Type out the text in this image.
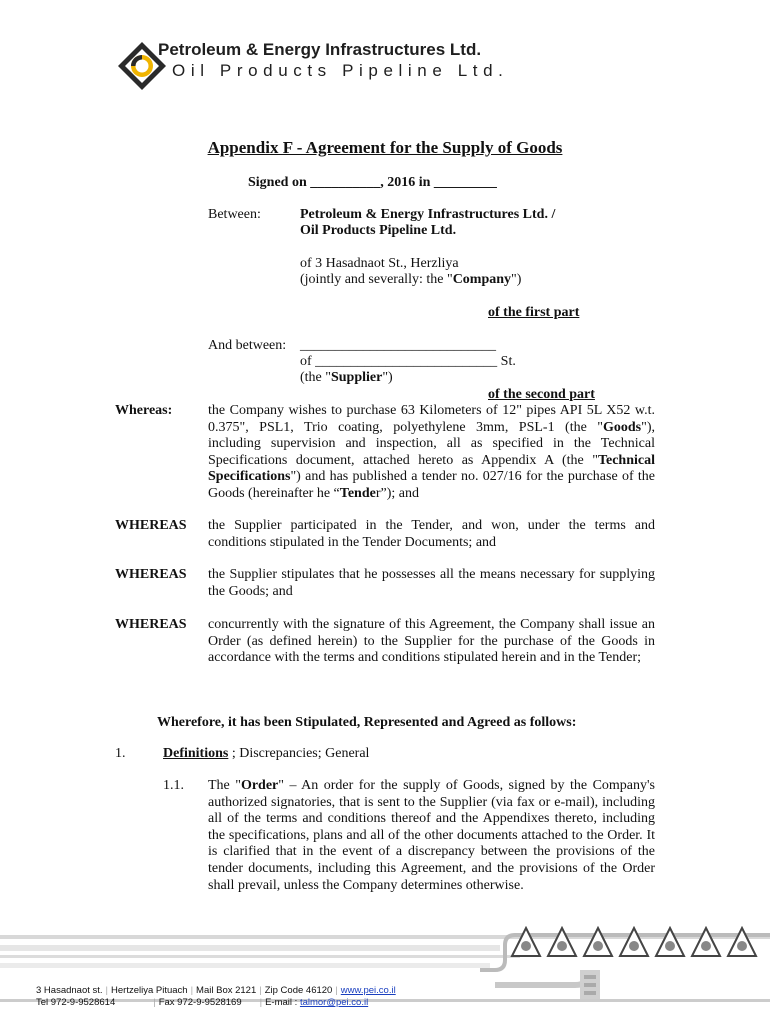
Petroleum & Energy Infrastructures Ltd.
Oil Products Pipeline Ltd.
Appendix F - Agreement for the Supply of Goods
Signed on __________, 2016 in _________
Between:	Petroleum & Energy Infrastructures Ltd. /
Oil Products Pipeline Ltd.
of 3 Hasadnaot St., Herzliya
(jointly and severally: the "Company")
of the first part
And between: ____________________________
of __________________________ St.
(the "Supplier")
of the second part
Whereas:	the Company wishes to purchase 63 Kilometers of 12" pipes API 5L X52 w.t. 0.375", PSL1, Trio coating, polyethylene 3mm, PSL-1 (the "Goods"), including supervision and inspection, all as specified in the Technical Specifications document, attached hereto as Appendix A (the "Technical Specifications") and has published a tender no. 027/16 for the purchase of the Goods (hereinafter he “Tender”); and
WHEREAS the Supplier participated in the Tender, and won, under the terms and conditions stipulated in the Tender Documents; and
WHEREAS the Supplier stipulates that he possesses all the means necessary for supplying the Goods; and
WHEREAS concurrently with the signature of this Agreement, the Company shall issue an Order (as defined herein) to the Supplier for the purchase of the Goods in accordance with the terms and conditions stipulated herein and in the Tender;
Wherefore, it has been Stipulated, Represented and Agreed as follows:
1.	Definitions ; Discrepancies; General
1.1. The "Order" – An order for the supply of Goods, signed by the Company's authorized signatories, that is sent to the Supplier (via fax or e-mail), including all of the terms and conditions thereof and the Appendixes thereto, including the specifications, plans and all of the other documents attached to the Order. It is clarified that in the event of a discrepancy between the provisions of the tender documents, including this Agreement, and the provisions of the Order shall prevail, unless the Company determines otherwise.
3 Hasadnaot st. | Hertzeliya Pituach | Mail Box 2121 | Zip Code 46120 | www.pei.co.il
Tel 972-9-9528614	| Fax 972-9-9528169 | E-mail : talmor@pei.co.il
